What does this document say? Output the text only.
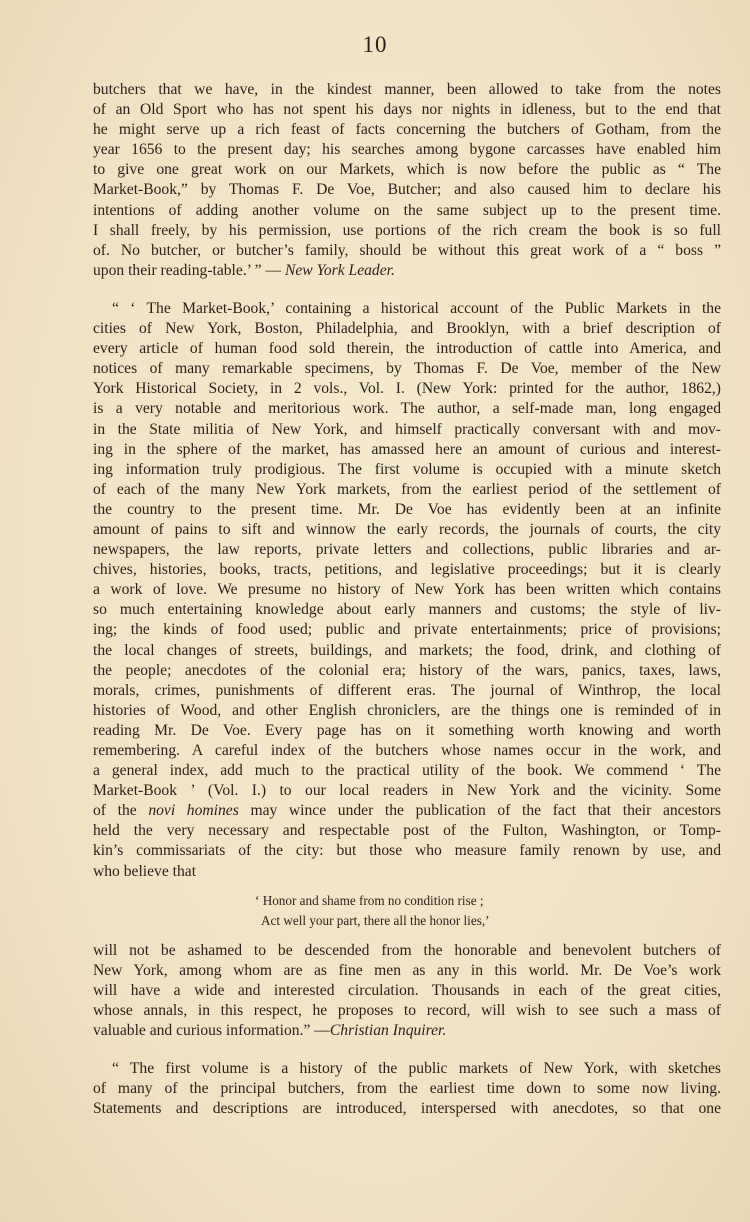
10
butchers that we have, in the kindest manner, been allowed to take from the notes
of an Old Sport who has not spent his days nor nights in idleness, but to the end that
he might serve up a rich feast of facts concerning the butchers of Gotham, from the
year 1656 to the present day; his searches among bygone carcasses have enabled him
to give one great work on our Markets, which is now before the public as “ The
Market-Book,” by Thomas F. De Voe, Butcher; and also caused him to declare his
intentions of adding another volume on the same subject up to the present time.
I shall freely, by his permission, use portions of the rich cream the book is so full
of. No butcher, or butcher’s family, should be without this great work of a “ boss ”
upon their reading-table.’ ” — New York Leader.
“ ‘ The Market-Book,’ containing a historical account of the Public Markets in the
cities of New York, Boston, Philadelphia, and Brooklyn, with a brief description of
every article of human food sold therein, the introduction of cattle into America, and
notices of many remarkable specimens, by Thomas F. De Voe, member of the New
York Historical Society, in 2 vols., Vol. I. (New York: printed for the author, 1862,)
is a very notable and meritorious work. The author, a self-made man, long engaged
in the State militia of New York, and himself practically conversant with and mov-
ing in the sphere of the market, has amassed here an amount of curious and interest-
ing information truly prodigious. The first volume is occupied with a minute sketch
of each of the many New York markets, from the earliest period of the settlement of
the country to the present time. Mr. De Voe has evidently been at an infinite
amount of pains to sift and winnow the early records, the journals of courts, the city
newspapers, the law reports, private letters and collections, public libraries and ar-
chives, histories, books, tracts, petitions, and legislative proceedings; but it is clearly
a work of love. We presume no history of New York has been written which contains
so much entertaining knowledge about early manners and customs; the style of liv-
ing; the kinds of food used; public and private entertainments; price of provisions;
the local changes of streets, buildings, and markets; the food, drink, and clothing of
the people; anecdotes of the colonial era; history of the wars, panics, taxes, laws,
morals, crimes, punishments of different eras. The journal of Winthrop, the local
histories of Wood, and other English chroniclers, are the things one is reminded of in
reading Mr. De Voe. Every page has on it something worth knowing and worth
remembering. A careful index of the butchers whose names occur in the work, and
a general index, add much to the practical utility of the book. We commend ‘ The
Market-Book ’ (Vol. I.) to our local readers in New York and the vicinity. Some
of the novi homines may wince under the publication of the fact that their ancestors
held the very necessary and respectable post of the Fulton, Washington, or Tomp-
kin’s commissariats of the city: but those who measure family renown by use, and
who believe that
‘ Honor and shame from no condition rise ;
Act well your part, there all the honor lies,’
will not be ashamed to be descended from the honorable and benevolent butchers of
New York, among whom are as fine men as any in this world. Mr. De Voe’s work
will have a wide and interested circulation. Thousands in each of the great cities,
whose annals, in this respect, he proposes to record, will wish to see such a mass of
valuable and curious information.” —Christian Inquirer.
“ The first volume is a history of the public markets of New York, with sketches
of many of the principal butchers, from the earliest time down to some now living.
Statements and descriptions are introduced, interspersed with anecdotes, so that one
